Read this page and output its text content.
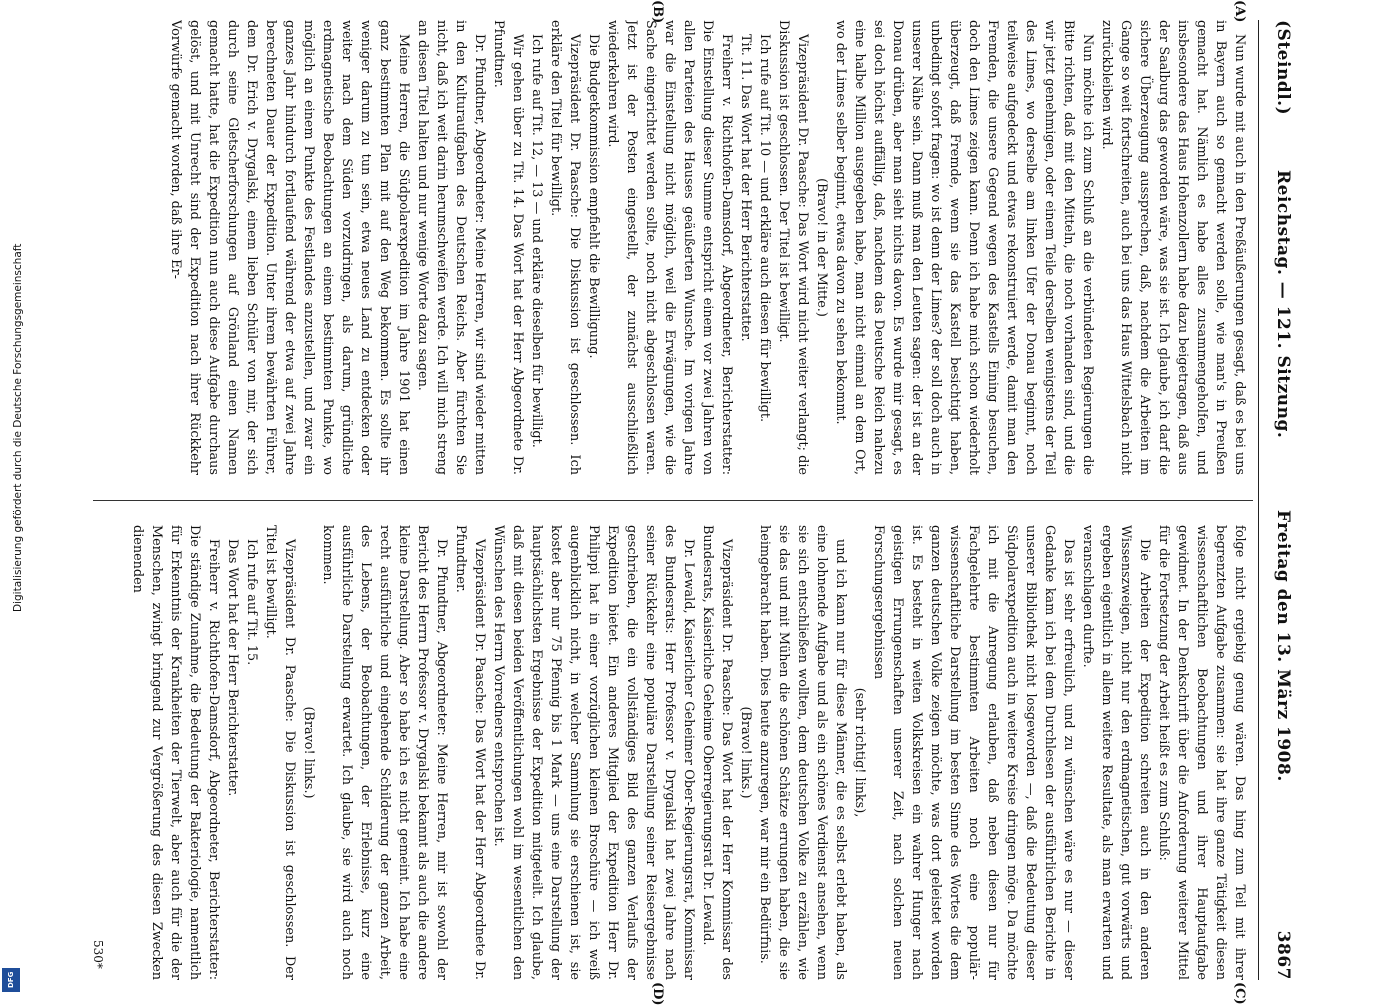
(Steindl.)
Reichstag. — 121. Sitzung.
Freitag den 13. März 1908.
3867
(A)
(B)
(C)
(D)

Nun wurde mit auch in den Preßäußerungen gesagt, daß es bei uns in Bayern auch so gemacht werden solle, wie man's in Preußen gemacht hat. Nämlich es habe alles zusammengeholfen, und insbesondere das Haus Hohenzollern habe dazu beigetragen, daß aus der Saalburg das geworden wäre, was sie ist. Ich glaube, ich darf die sichere Überzeugung aussprechen, daß, nachdem die Arbeiten im Gange so weit fortschreiten, auch bei uns das Haus Wittelsbach nicht zurückbleiben wird.

Nun möchte ich zum Schluß an die verbündeten Regierungen die Bitte richten, daß mit den Mitteln, die noch vorhanden sind, und die wir jetzt genehmigen, oder einem Teile derselben wenigstens der Teil des Limes, wo derselbe am linken Ufer der Donau beginnt, noch teilweise aufgedeckt und etwas rekonstruiert werde, damit man den Fremden, die unsere Gegend wegen des Kastells Eining besuchen, doch den Limes zeigen kann. Denn ich habe mich schon wiederholt überzeugt, daß Fremde, wenn sie das Kastell besichtigt haben, unbedingt sofort fragen: wo ist denn der Limes? der soll doch auch in unserer Nähe sein. Dann muß man den Leuten sagen: der ist an der Donau drüben, aber man sieht nichts davon. Es wurde mir gesagt, es sei doch höchst auffällig, daß, nachdem das Deutsche Reich nahezu eine halbe Million ausgegeben habe, man nicht einmal an dem Ort, wo der Limes selber beginnt, etwas davon zu sehen bekommt.

(Bravo! in der Mitte.)

Vizepräsident Dr. Paasche: Das Wort wird nicht weiter verlangt; die Diskussion ist geschlossen. Der Titel ist bewilligt.

Ich rufe auf Tit. 10 — und erkläre auch diesen für bewilligt.

Tit. 11. Das Wort hat der Herr Berichterstatter.

Freiherr v. Richthofen-Damsdorf, Abgeordneter, Berichterstatter: Die Einstellung dieser Summe entspricht einem vor zwei Jahren von allen Parteien des Hauses geäußerten Wunsche. Im vorigen Jahre war die Einstellung nicht möglich, weil die Erwägungen, wie die Sache eingerichtet werden sollte, noch nicht abgeschlossen waren. Jetzt ist der Posten eingestellt, der zunächst ausschließlich wiederkehren wird.

Die Budgetkommission empfiehlt die Bewilligung.

Vizepräsident Dr. Paasche: Die Diskussion ist geschlossen. Ich erkläre den Titel für bewilligt.

Ich rufe auf Tit. 12, — 13 — und erkläre dieselben für bewilligt.

Wir gehen über zu Tit. 14. Das Wort hat der Herr Abgeordnete Dr. Pfundtner.

Dr. Pfundtner, Abgeordneter: Meine Herren, wir sind wieder mitten in den Kulturaufgaben des Deutschen Reichs. Aber fürchten Sie nicht, daß ich weit darin herumschweifen werde. Ich will mich streng an diesen Titel halten und nur wenige Worte dazu sagen.

Meine Herren, die Südpolarexpedition im Jahre 1901 hat einen ganz bestimmten Plan mit auf den Weg bekommen. Es sollte ihr weniger darum zu tun sein, etwa neues Land zu entdecken oder weiter nach dem Süden vorzudringen, als darum, gründliche erdmagnetische Beobachtungen an einem bestimmten Punkte, wo möglich an einem Punkte des Festlandes anzustellen, und zwar ein ganzes Jahr hindurch fortlaufend während der etwa auf zwei Jahre berechneten Dauer der Expedition. Unter ihrem bewährten Führer, dem Dr. Erich v. Drygalski, einem lieben Schüler von mir, der sich durch seine Gletscherforschungen auf Grönland einen Namen gemacht hatte, hat die Expedition nun auch diese Aufgabe durchaus gelöst, und mit Unrecht sind der Expedition nach ihrer Rückkehr Vorwürfe gemacht worden, daß ihre Er-

folge nicht ergiebig genug wären. Das hing zum Teil mit ihrer begrenzten Aufgabe zusammen: sie hat ihre ganze Tätigkeit diesen wissenschaftlichen Beobachtungen und ihrer Hauptaufgabe gewidmet. In der Denkschrift über die Anforderung weiterer Mittel für die Fortsetzung der Arbeit heißt es zum Schluß:

Die Arbeiten der Expedition schreiten auch in den anderen Wissenszweigen, nicht nur den erdmagnetischen, gut vorwärts und ergeben eigentlich in allem weitere Resultate, als man erwarten und veranschlagen durfte.

Das ist sehr erfreulich, und zu wünschen wäre es nur — dieser Gedanke kam ich bei dem Durchlesen der ausführlichen Berichte in unserer Bibliothek nicht losgeworden —, daß die Bedeutung dieser Südpolarexpedition auch in weitere Kreise dringen möge. Da möchte ich mit die Anregung erlauben, daß neben diesen nur für Fachgelehrte bestimmten Arbeiten noch eine populär-wissenschaftliche Darstellung im besten Sinne des Wortes die dem ganzen deutschen Volke zeigen möchte, was dort geleistet worden ist. Es besteht in weiten Volkskreisen ein wahrer Hunger nach geistigen Errungenschaften unserer Zeit, nach solchen neuen Forschungsergebnissen

(sehr richtig! links),

und ich kann nur für diese Männer, die es selbst erlebt haben, als eine lohnende Aufgabe und als ein schönes Verdienst ansehen, wenn sie sich entschließen wollten, dem deutschen Volke zu erzählen, wie sie das und mit Mühen die schönen Schätze errungen haben, die sie heimgebracht haben. Dies heute anzuregen, war mir ein Bedürfnis.

(Bravo! links.)

Vizepräsident Dr. Paasche: Das Wort hat der Herr Kommissar des Bundesrats, Kaiserliche Geheime Oberregierungsrat Dr. Lewald.

Dr. Lewald, Kaiserlicher Geheimer Ober-Regierungsrat, Kommissar des Bundesrats: Herr Professor v. Drygalski hat zwei Jahre nach seiner Rückkehr eine populäre Darstellung seiner Reiseergebnisse geschrieben, die ein vollständiges Bild des ganzen Verlaufs der Expedition bietet. Ein anderes Mitglied der Expedition Herr Dr. Philippi hat in einer vorzüglichen kleinen Broschüre — ich weiß augenblicklich nicht, in welcher Sammlung sie erschienen ist, sie kostet aber nur 75 Pfennig bis 1 Mark — uns eine Darstellung der hauptsächlichsten Ergebnisse der Expedition mitgeteilt. Ich glaube, daß mit diesen beiden Veröffentlichungen wohl im wesentlichen den Wünschen des Herrn Vorredners entsprochen ist.

Vizepräsident Dr. Paasche: Das Wort hat der Herr Abgeordnete Dr. Pfundtner.

Dr. Pfundtner, Abgeordneter: Meine Herren, mir ist sowohl der Bericht des Herrn Professor v. Drygalski bekannt als auch die andere kleine Darstellung. Aber so habe ich es nicht gemeint. Ich habe eine recht ausführliche und eingehende Schilderung der ganzen Arbeit, des Lebens, der Beobachtungen, der Erlebnisse, kurz eine ausführliche Darstellung erwartet. Ich glaube, sie wird auch noch kommen.

(Bravo! links.)

Vizepräsident Dr. Paasche: Die Diskussion ist geschlossen. Der Titel ist bewilligt.

Ich rufe auf Tit. 15.

Das Wort hat der Herr Berichterstatter.

Freiherr v. Richthofen-Damsdorf, Abgeordneter, Berichterstatter: Die ständige Zunahme, die Bedeutung der Bakteriologie, namentlich für Erkenntnis der Krankheiten der Tierwelt, aber auch für die der Menschen, zwingt bringend zur Vergrößerung des diesen Zwecken dienenden

530*
Digitalisierung gefördert durch die Deutsche Forschungsgemeinschaft
DFG
